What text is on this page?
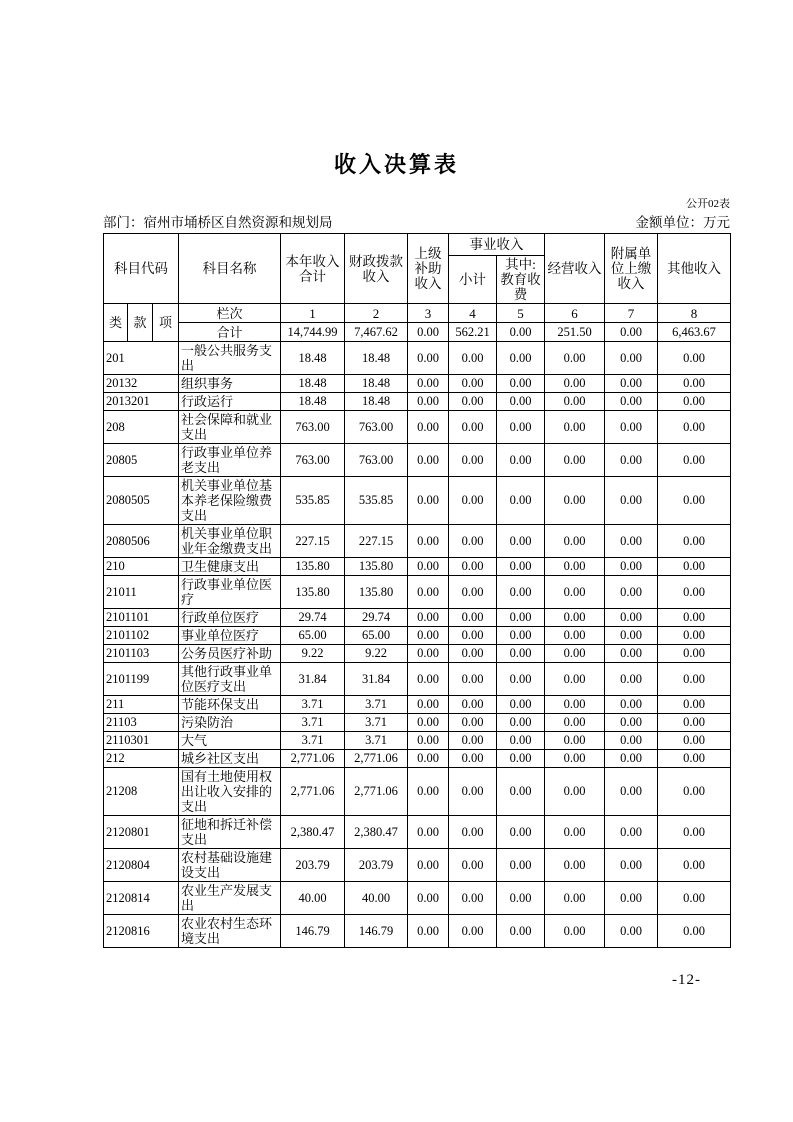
收入决算表
公开02表
部门：宿州市埇桥区自然资源和规划局	金额单位：万元
科目代码			科目名称	本年收入合计	财政拨款收入	上级补助收入	事业收入		经营收入	附属单位上缴收入	其他收入
							小计	其中:教育收费			
类	款	项	栏次	1	2	3	4	5	6	7	8
			合计	14,744.99	7,467.62	0.00	562.21	0.00	251.50	0.00	6,463.67
201			一般公共服务支出	18.48	18.48	0.00	0.00	0.00	0.00	0.00	0.00
20132			组织事务	18.48	18.48	0.00	0.00	0.00	0.00	0.00	0.00
2013201			行政运行	18.48	18.48	0.00	0.00	0.00	0.00	0.00	0.00
208			社会保障和就业支出	763.00	763.00	0.00	0.00	0.00	0.00	0.00	0.00
20805			行政事业单位养老支出	763.00	763.00	0.00	0.00	0.00	0.00	0.00	0.00
2080505			机关事业单位基本养老保险缴费支出	535.85	535.85	0.00	0.00	0.00	0.00	0.00	0.00
2080506			机关事业单位职业年金缴费支出	227.15	227.15	0.00	0.00	0.00	0.00	0.00	0.00
210			卫生健康支出	135.80	135.80	0.00	0.00	0.00	0.00	0.00	0.00
21011			行政事业单位医疗	135.80	135.80	0.00	0.00	0.00	0.00	0.00	0.00
2101101			行政单位医疗	29.74	29.74	0.00	0.00	0.00	0.00	0.00	0.00
2101102			事业单位医疗	65.00	65.00	0.00	0.00	0.00	0.00	0.00	0.00
2101103			公务员医疗补助	9.22	9.22	0.00	0.00	0.00	0.00	0.00	0.00
2101199			其他行政事业单位医疗支出	31.84	31.84	0.00	0.00	0.00	0.00	0.00	0.00
211			节能环保支出	3.71	3.71	0.00	0.00	0.00	0.00	0.00	0.00
21103			污染防治	3.71	3.71	0.00	0.00	0.00	0.00	0.00	0.00
2110301			大气	3.71	3.71	0.00	0.00	0.00	0.00	0.00	0.00
212			城乡社区支出	2,771.06	2,771.06	0.00	0.00	0.00	0.00	0.00	0.00
21208			国有土地使用权出让收入安排的支出	2,771.06	2,771.06	0.00	0.00	0.00	0.00	0.00	0.00
2120801			征地和拆迁补偿支出	2,380.47	2,380.47	0.00	0.00	0.00	0.00	0.00	0.00
2120804			农村基础设施建设支出	203.79	203.79	0.00	0.00	0.00	0.00	0.00	0.00
2120814			农业生产发展支出	40.00	40.00	0.00	0.00	0.00	0.00	0.00	0.00
2120816			农业农村生态环境支出	146.79	146.79	0.00	0.00	0.00	0.00	0.00	0.00
-12-
